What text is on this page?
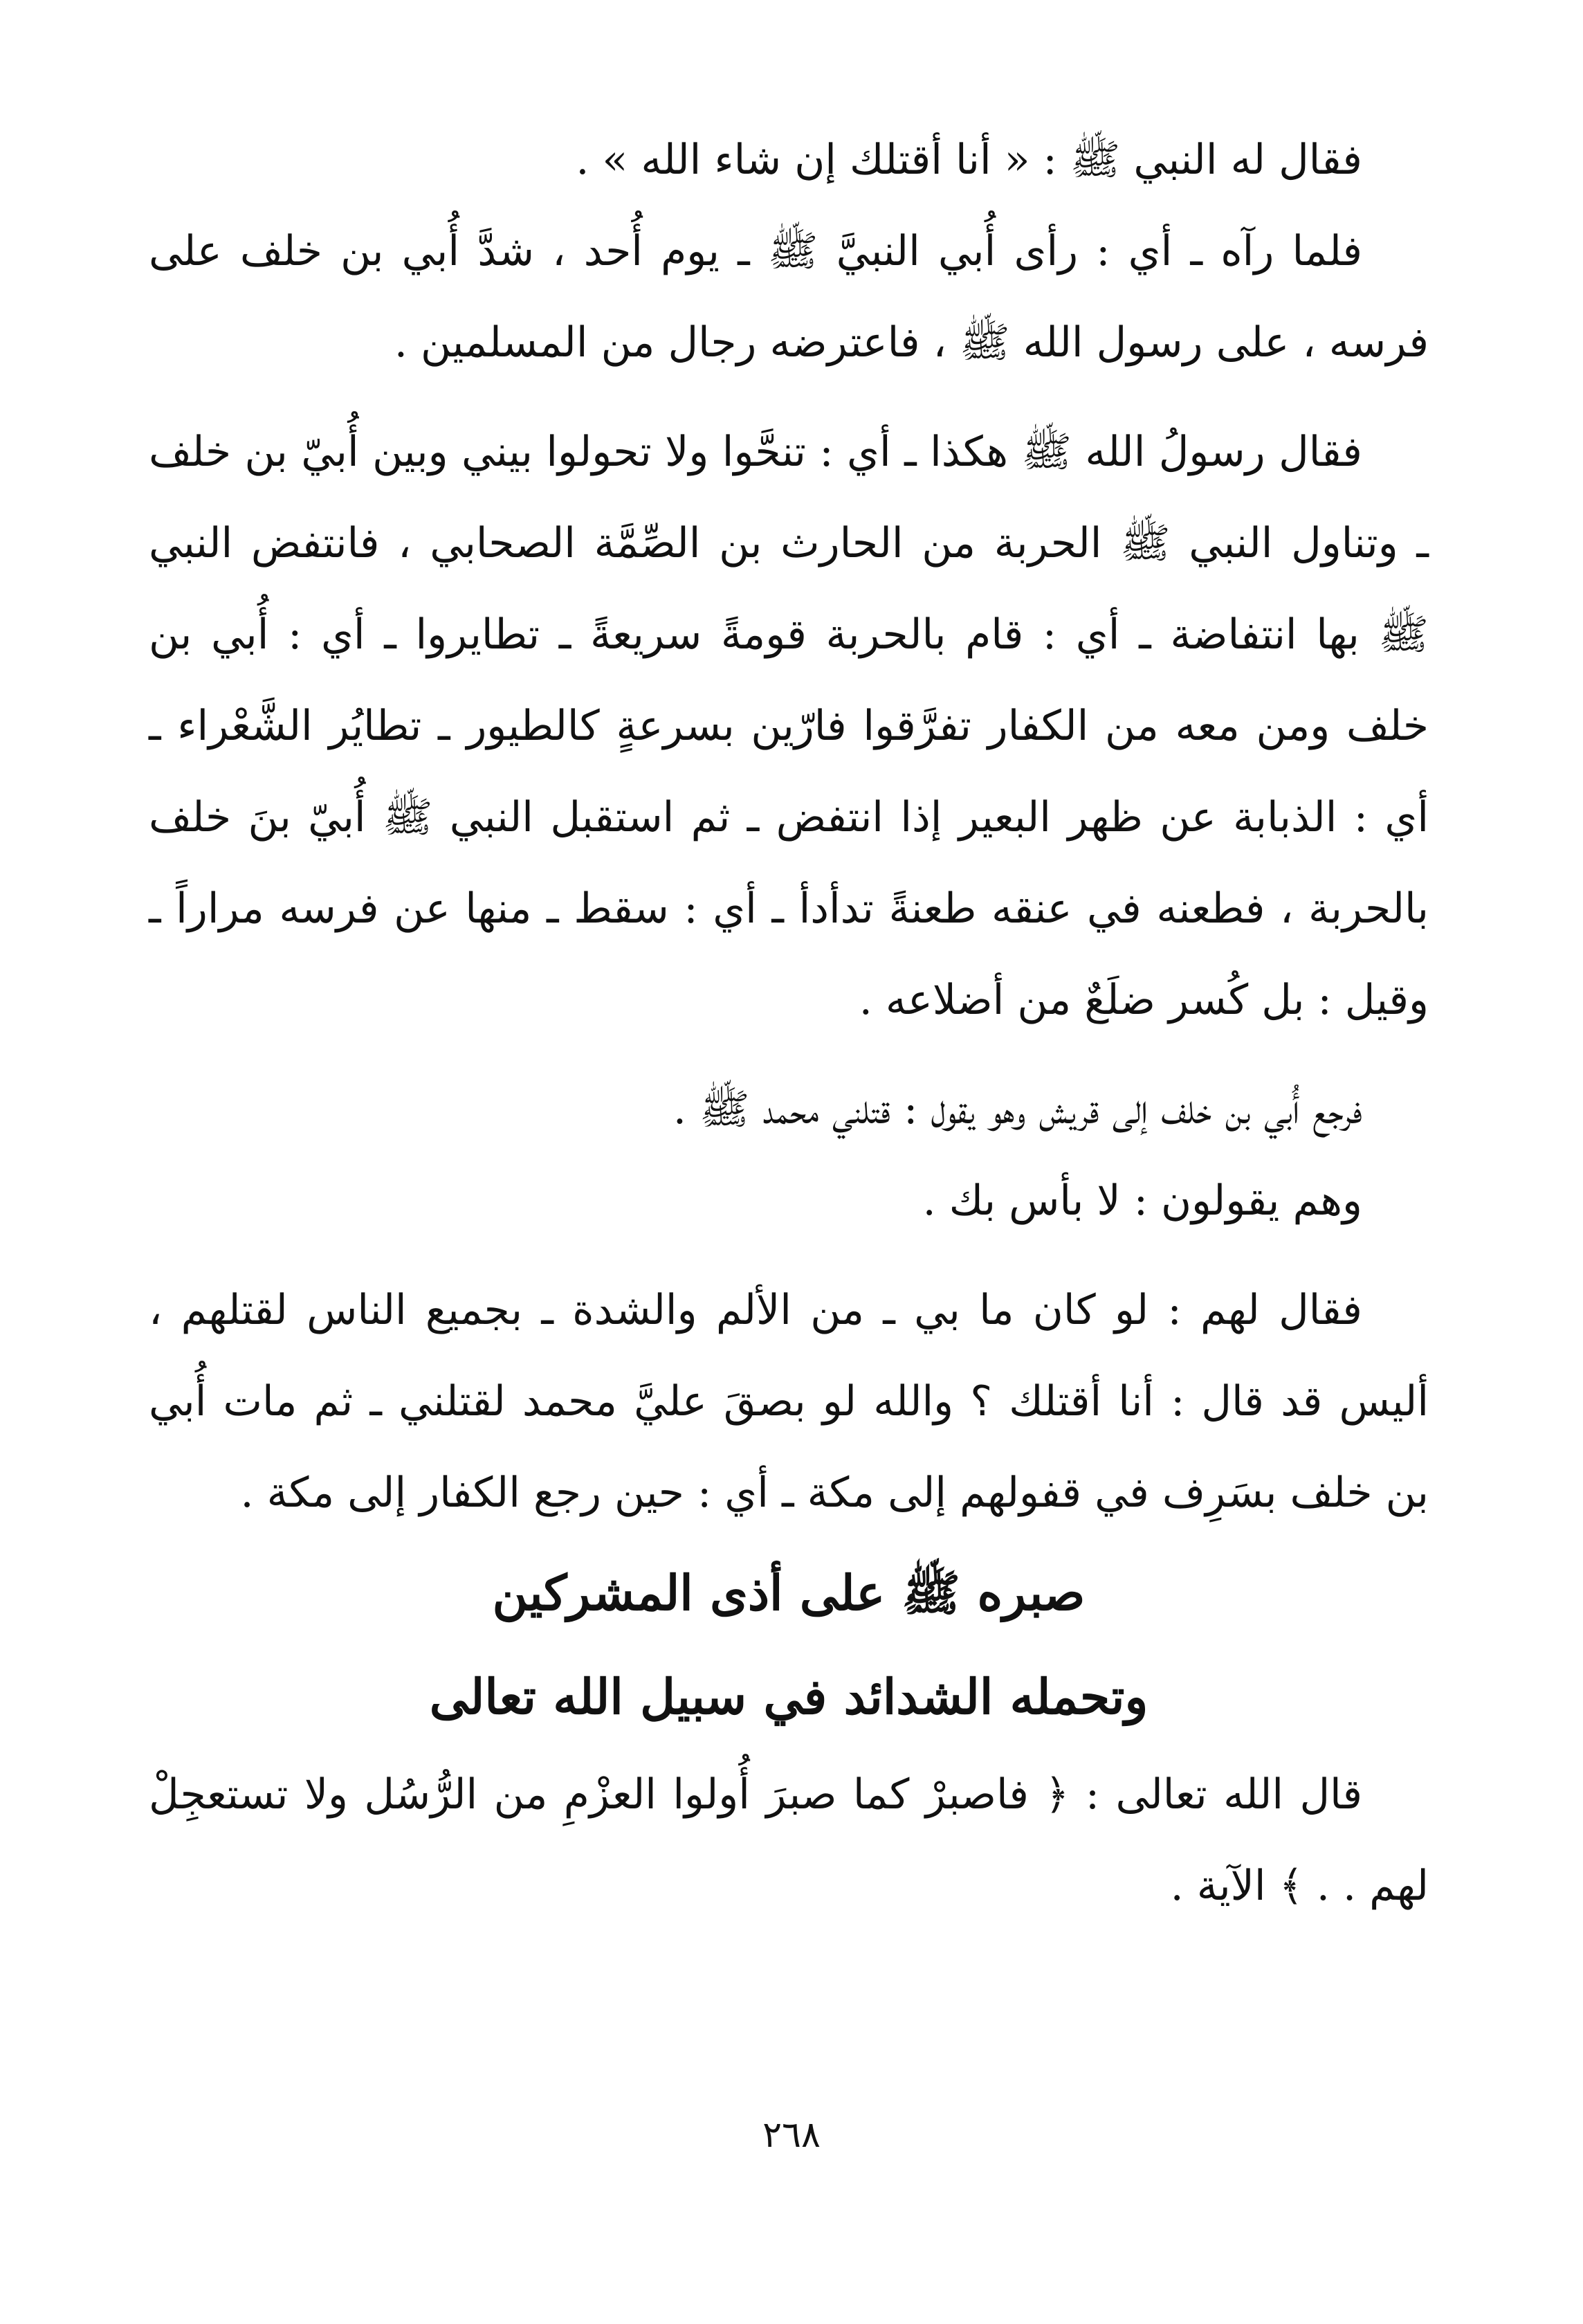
فقال له النبي ﷺ : « أنا أقتلك إن شاء الله » .

فلما رآه ـ أي : رأى أُبي النبيَّ ﷺ ـ يوم أُحد ، شدَّ أُبي بن خلف على فرسه ، على رسول الله ﷺ ، فاعترضه رجال من المسلمين .

فقال رسولُ الله ﷺ هكذا ـ أي : تنحَّوا ولا تحولوا بيني وبين أُبيّ بن خلف ـ وتناول النبي ﷺ الحربة من الحارث بن الصِّمَّة الصحابي ، فانتفض النبي ﷺ بها انتفاضة ـ أي : قام بالحربة قومةً سريعةً ـ تطايروا ـ أي : أُبي بن خلف ومن معه من الكفار تفرَّقوا فارّين بسرعةٍ كالطيور ـ تطايُر الشَّعْراء ـ أي : الذبابة عن ظهر البعير إذا انتفض ـ ثم استقبل النبي ﷺ أُبيّ بنَ خلف بالحربة ، فطعنه في عنقه طعنةً تدأدأ ـ أي : سقط ـ منها عن فرسه مراراً ـ وقيل : بل كُسر ضلَعٌ من أضلاعه .

فرجع أُبي بن خلف إلى قريش وهو يقول : قتلني محمد ﷺ .

وهم يقولون : لا بأس بك .

فقال لهم : لو كان ما بي ـ من الألم والشدة ـ بجميع الناس لقتلهم ، أليس قد قال : أنا أقتلك ؟ والله لو بصقَ عليَّ محمد لقتلني ـ ثم مات أُبي بن خلف بسَرِف في قفولهم إلى مكة ـ أي : حين رجع الكفار إلى مكة .

صبره ﷺ على أذى المشركين
وتحمله الشدائد في سبيل الله تعالى

قال الله تعالى : ﴿ فاصبرْ كما صبرَ أُولوا العزْمِ من الرُّسُل ولا تستعجِلْ لهم . . ﴾ الآية .

٢٦٨
